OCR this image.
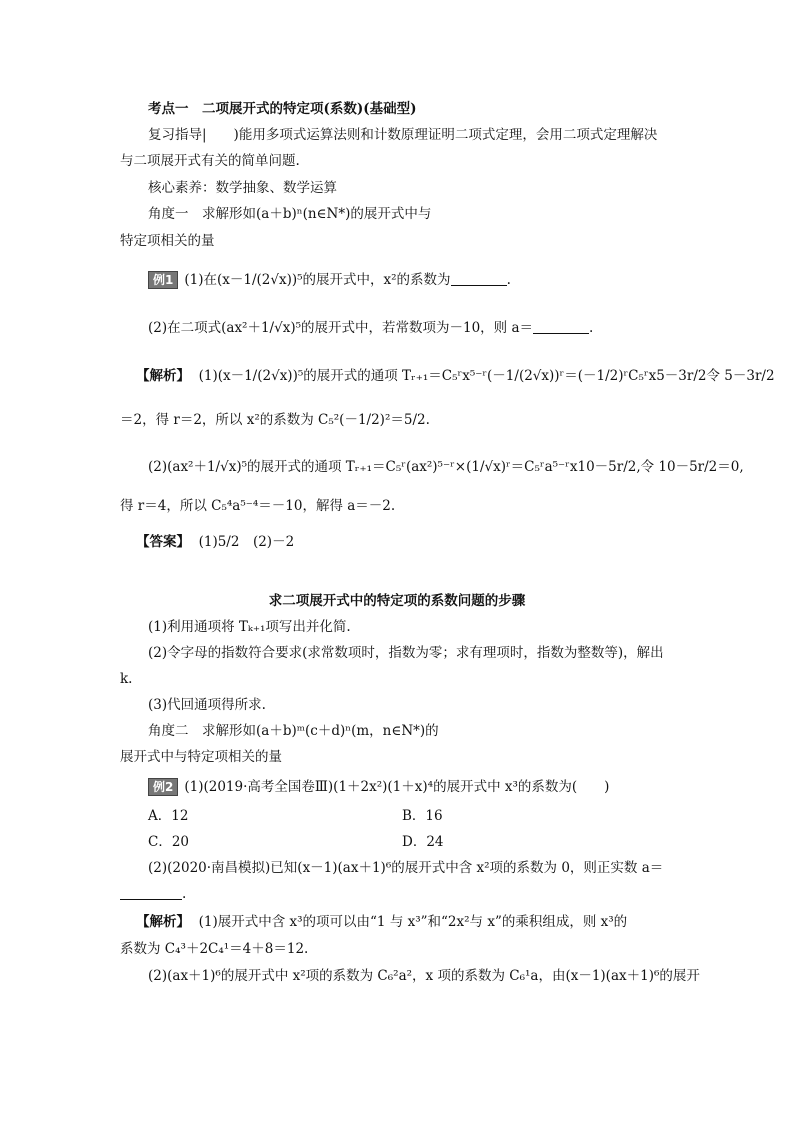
考点一　二项展开式的特定项(系数)(基础型)
复习指导|　　)能用多项式运算法则和计数原理证明二项式定理，会用二项式定理解决
与二项展开式有关的简单问题.
核心素养：数学抽象、数学运算
角度一　求解形如(a＋b)ⁿ(n∈N*)的展开式中与
特定项相关的量
例1 (1)在(x－1/(2√x))⁵的展开式中，x²的系数为	.
(2)在二项式(ax²＋1/√x)⁵的展开式中，若常数项为－10，则 a＝	.
【解析】 (1)(x－1/(2√x))⁵的展开式的通项 Tᵣ₊₁＝C₅ʳx⁵⁻ʳ(－1/(2√x))ʳ＝(－1/2)ʳC₅ʳx5－3r/2令 5－3r/2
＝2，得 r＝2，所以 x²的系数为 C₅²(－1/2)²＝5/2.
(2)(ax²＋1/√x)⁵的展开式的通项 Tᵣ₊₁＝C₅ʳ(ax²)⁵⁻ʳ×(1/√x)ʳ＝C₅ʳa⁵⁻ʳx10－5r/2,令 10－5r/2＝0,
得 r＝4，所以 C₅⁴a⁵⁻⁴＝－10，解得 a＝－2.
【答案】 (1)5/2　(2)－2
求二项展开式中的特定项的系数问题的步骤
(1)利用通项将 Tₖ₊₁项写出并化简.
(2)令字母的指数符合要求(求常数项时，指数为零；求有理项时，指数为整数等)，解出
k.
(3)代回通项得所求.
角度二　求解形如(a＋b)ᵐ(c＋d)ⁿ(m，n∈N*)的
展开式中与特定项相关的量
例2 (1)(2019·高考全国卷Ⅲ)(1＋2x²)(1＋x)⁴的展开式中 x³的系数为(　　)
A．12	B．16
C．20	D．24
(2)(2020·南昌模拟)已知(x－1)(ax＋1)⁶的展开式中含 x²项的系数为 0，则正实数 a＝
.
【解析】 (1)展开式中含 x³的项可以由“1 与 x³”和“2x²与 x”的乘积组成，则 x³的
系数为 C₄³＋2C₄¹＝4＋8＝12.
(2)(ax＋1)⁶的展开式中 x²项的系数为 C₆²a²，x 项的系数为 C₆¹a，由(x－1)(ax＋1)⁶的展开
